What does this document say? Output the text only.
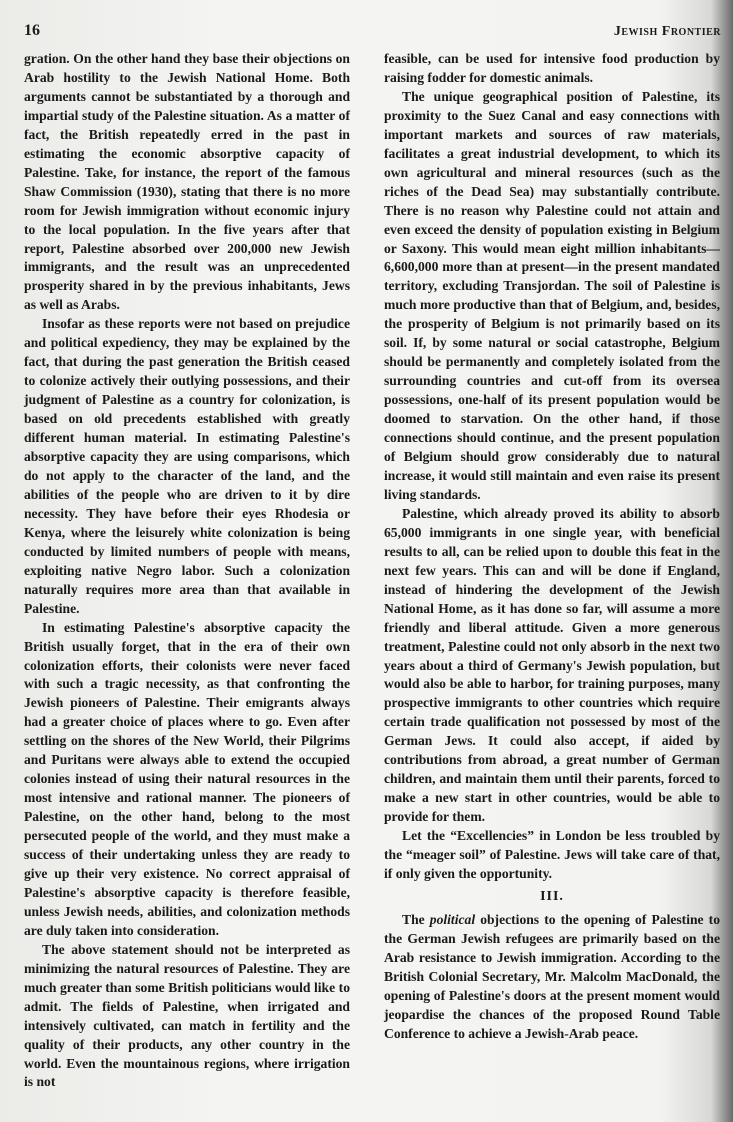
16	Jewish Frontier

gration. On the other hand they base their objections on Arab hostility to the Jewish National Home. Both arguments cannot be substantiated by a thorough and impartial study of the Palestine situation. As a matter of fact, the British repeatedly erred in the past in estimating the economic absorptive capacity of Palestine. Take, for instance, the report of the famous Shaw Commission (1930), stating that there is no more room for Jewish immigration without economic injury to the local population. In the five years after that report, Palestine absorbed over 200,000 new Jewish immigrants, and the result was an unprecedented prosperity shared in by the previous inhabitants, Jews as well as Arabs.

Insofar as these reports were not based on prejudice and political expediency, they may be explained by the fact, that during the past generation the British ceased to colonize actively their outlying possessions, and their judgment of Palestine as a country for colonization, is based on old precedents established with greatly different human material. In estimating Palestine's absorptive capacity they are using comparisons, which do not apply to the character of the land, and the abilities of the people who are driven to it by dire necessity. They have before their eyes Rhodesia or Kenya, where the leisurely white colonization is being conducted by limited numbers of people with means, exploiting native Negro labor. Such a colonization naturally requires more area than that available in Palestine.

In estimating Palestine's absorptive capacity the British usually forget, that in the era of their own colonization efforts, their colonists were never faced with such a tragic necessity, as that confronting the Jewish pioneers of Palestine. Their emigrants always had a greater choice of places where to go. Even after settling on the shores of the New World, their Pilgrims and Puritans were always able to extend the occupied colonies instead of using their natural resources in the most intensive and rational manner. The pioneers of Palestine, on the other hand, belong to the most persecuted people of the world, and they must make a success of their undertaking unless they are ready to give up their very existence. No correct appraisal of Palestine's absorptive capacity is therefore feasible, unless Jewish needs, abilities, and colonization methods are duly taken into consideration.

The above statement should not be interpreted as minimizing the natural resources of Palestine. They are much greater than some British politicians would like to admit. The fields of Palestine, when irrigated and intensively cultivated, can match in fertility and the quality of their products, any other country in the world. Even the mountainous regions, where irrigation is not

feasible, can be used for intensive food production by raising fodder for domestic animals.

The unique geographical position of Palestine, its proximity to the Suez Canal and easy connections with important markets and sources of raw materials, facilitates a great industrial development, to which its own agricultural and mineral resources (such as the riches of the Dead Sea) may substantially contribute. There is no reason why Palestine could not attain and even exceed the density of population existing in Belgium or Saxony. This would mean eight million inhabitants—6,600,000 more than at present—in the present mandated territory, excluding Transjordan. The soil of Palestine is much more productive than that of Belgium, and, besides, the prosperity of Belgium is not primarily based on its soil. If, by some natural or social catastrophe, Belgium should be permanently and completely isolated from the surrounding countries and cut-off from its oversea possessions, one-half of its present population would be doomed to starvation. On the other hand, if those connections should continue, and the present population of Belgium should grow considerably due to natural increase, it would still maintain and even raise its present living standards.

Palestine, which already proved its ability to absorb 65,000 immigrants in one single year, with beneficial results to all, can be relied upon to double this feat in the next few years. This can and will be done if England, instead of hindering the development of the Jewish National Home, as it has done so far, will assume a more friendly and liberal attitude. Given a more generous treatment, Palestine could not only absorb in the next two years about a third of Germany's Jewish population, but would also be able to harbor, for training purposes, many prospective immigrants to other countries which require certain trade qualification not possessed by most of the German Jews. It could also accept, if aided by contributions from abroad, a great number of German children, and maintain them until their parents, forced to make a new start in other countries, would be able to provide for them.

Let the “Excellencies” in London be less troubled by the “meager soil” of Palestine. Jews will take care of that, if only given the opportunity.

III.

The political objections to the opening of Palestine to the German Jewish refugees are primarily based on the Arab resistance to Jewish immigration. According to the British Colonial Secretary, Mr. Malcolm MacDonald, the opening of Palestine's doors at the present moment would jeopardise the chances of the proposed Round Table Conference to achieve a Jewish-Arab peace.
